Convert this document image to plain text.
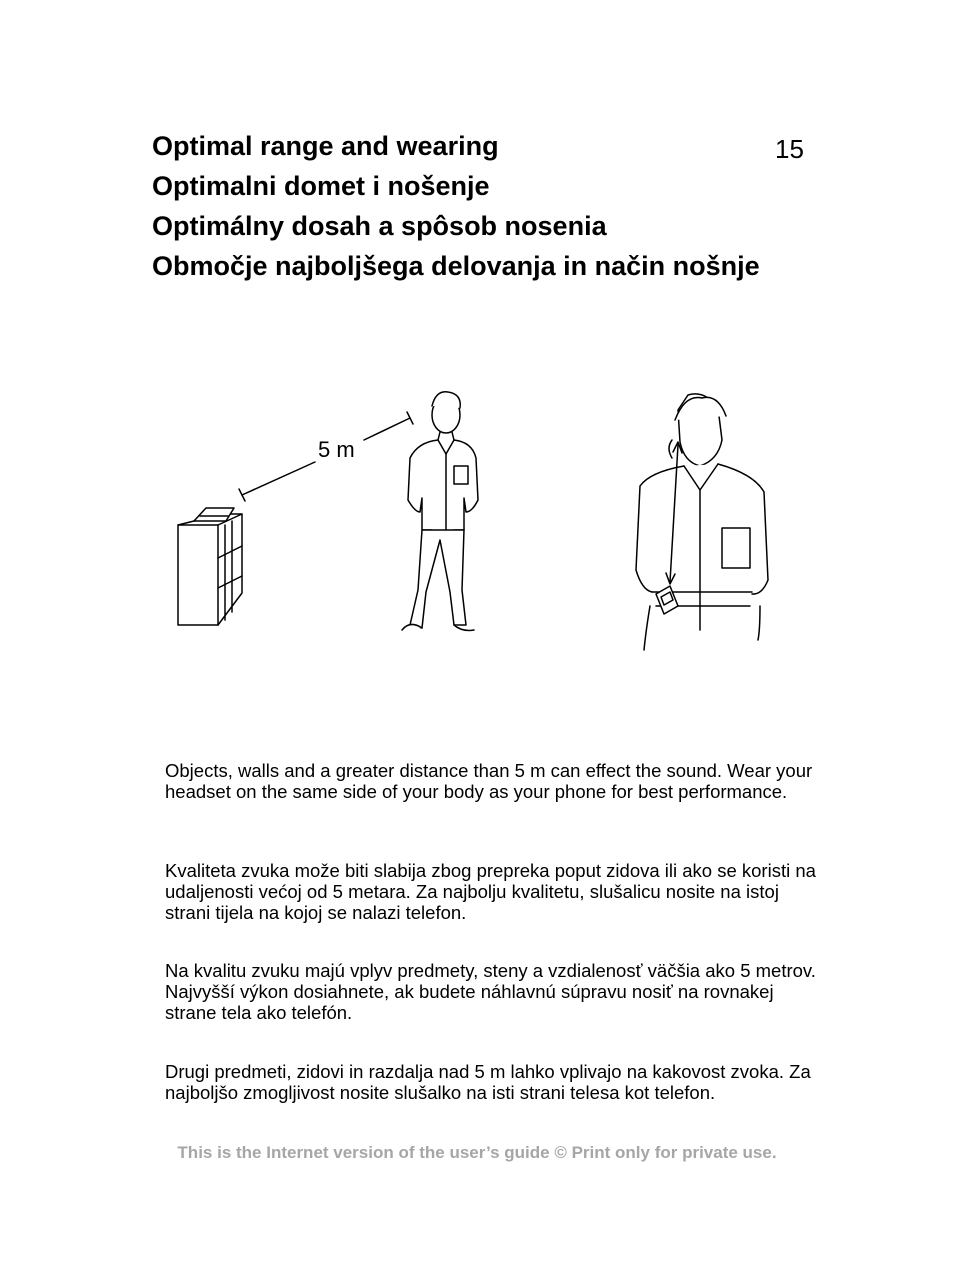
Optimal range and wearing

Optimalni domet i nošenje

Optimálny dosah a spôsob nosenia

Območje najboljšega delovanja in način nošnje

15
5 m

Objects, walls and a greater distance than 5 m can effect the sound. Wear your headset on the same side of your body as your phone for best performance.

Kvaliteta zvuka može biti slabija zbog prepreka poput zidova ili ako se koristi na udaljenosti većoj od 5 metara. Za najbolju kvalitetu, slušalicu nosite na istoj strani tijela na kojoj se nalazi telefon.

Na kvalitu zvuku majú vplyv predmety, steny a vzdialenosť väčšia ako 5 metrov. Najvyšší výkon dosiahnete, ak budete náhlavnú súpravu nosiť na rovnakej strane tela ako telefón.

Drugi predmeti, zidovi in razdalja nad 5 m lahko vplivajo na kakovost zvoka. Za najboljšo zmogljivost nosite slušalko na isti strani telesa kot telefon.

This is the Internet version of the user’s guide © Print only for private use.
